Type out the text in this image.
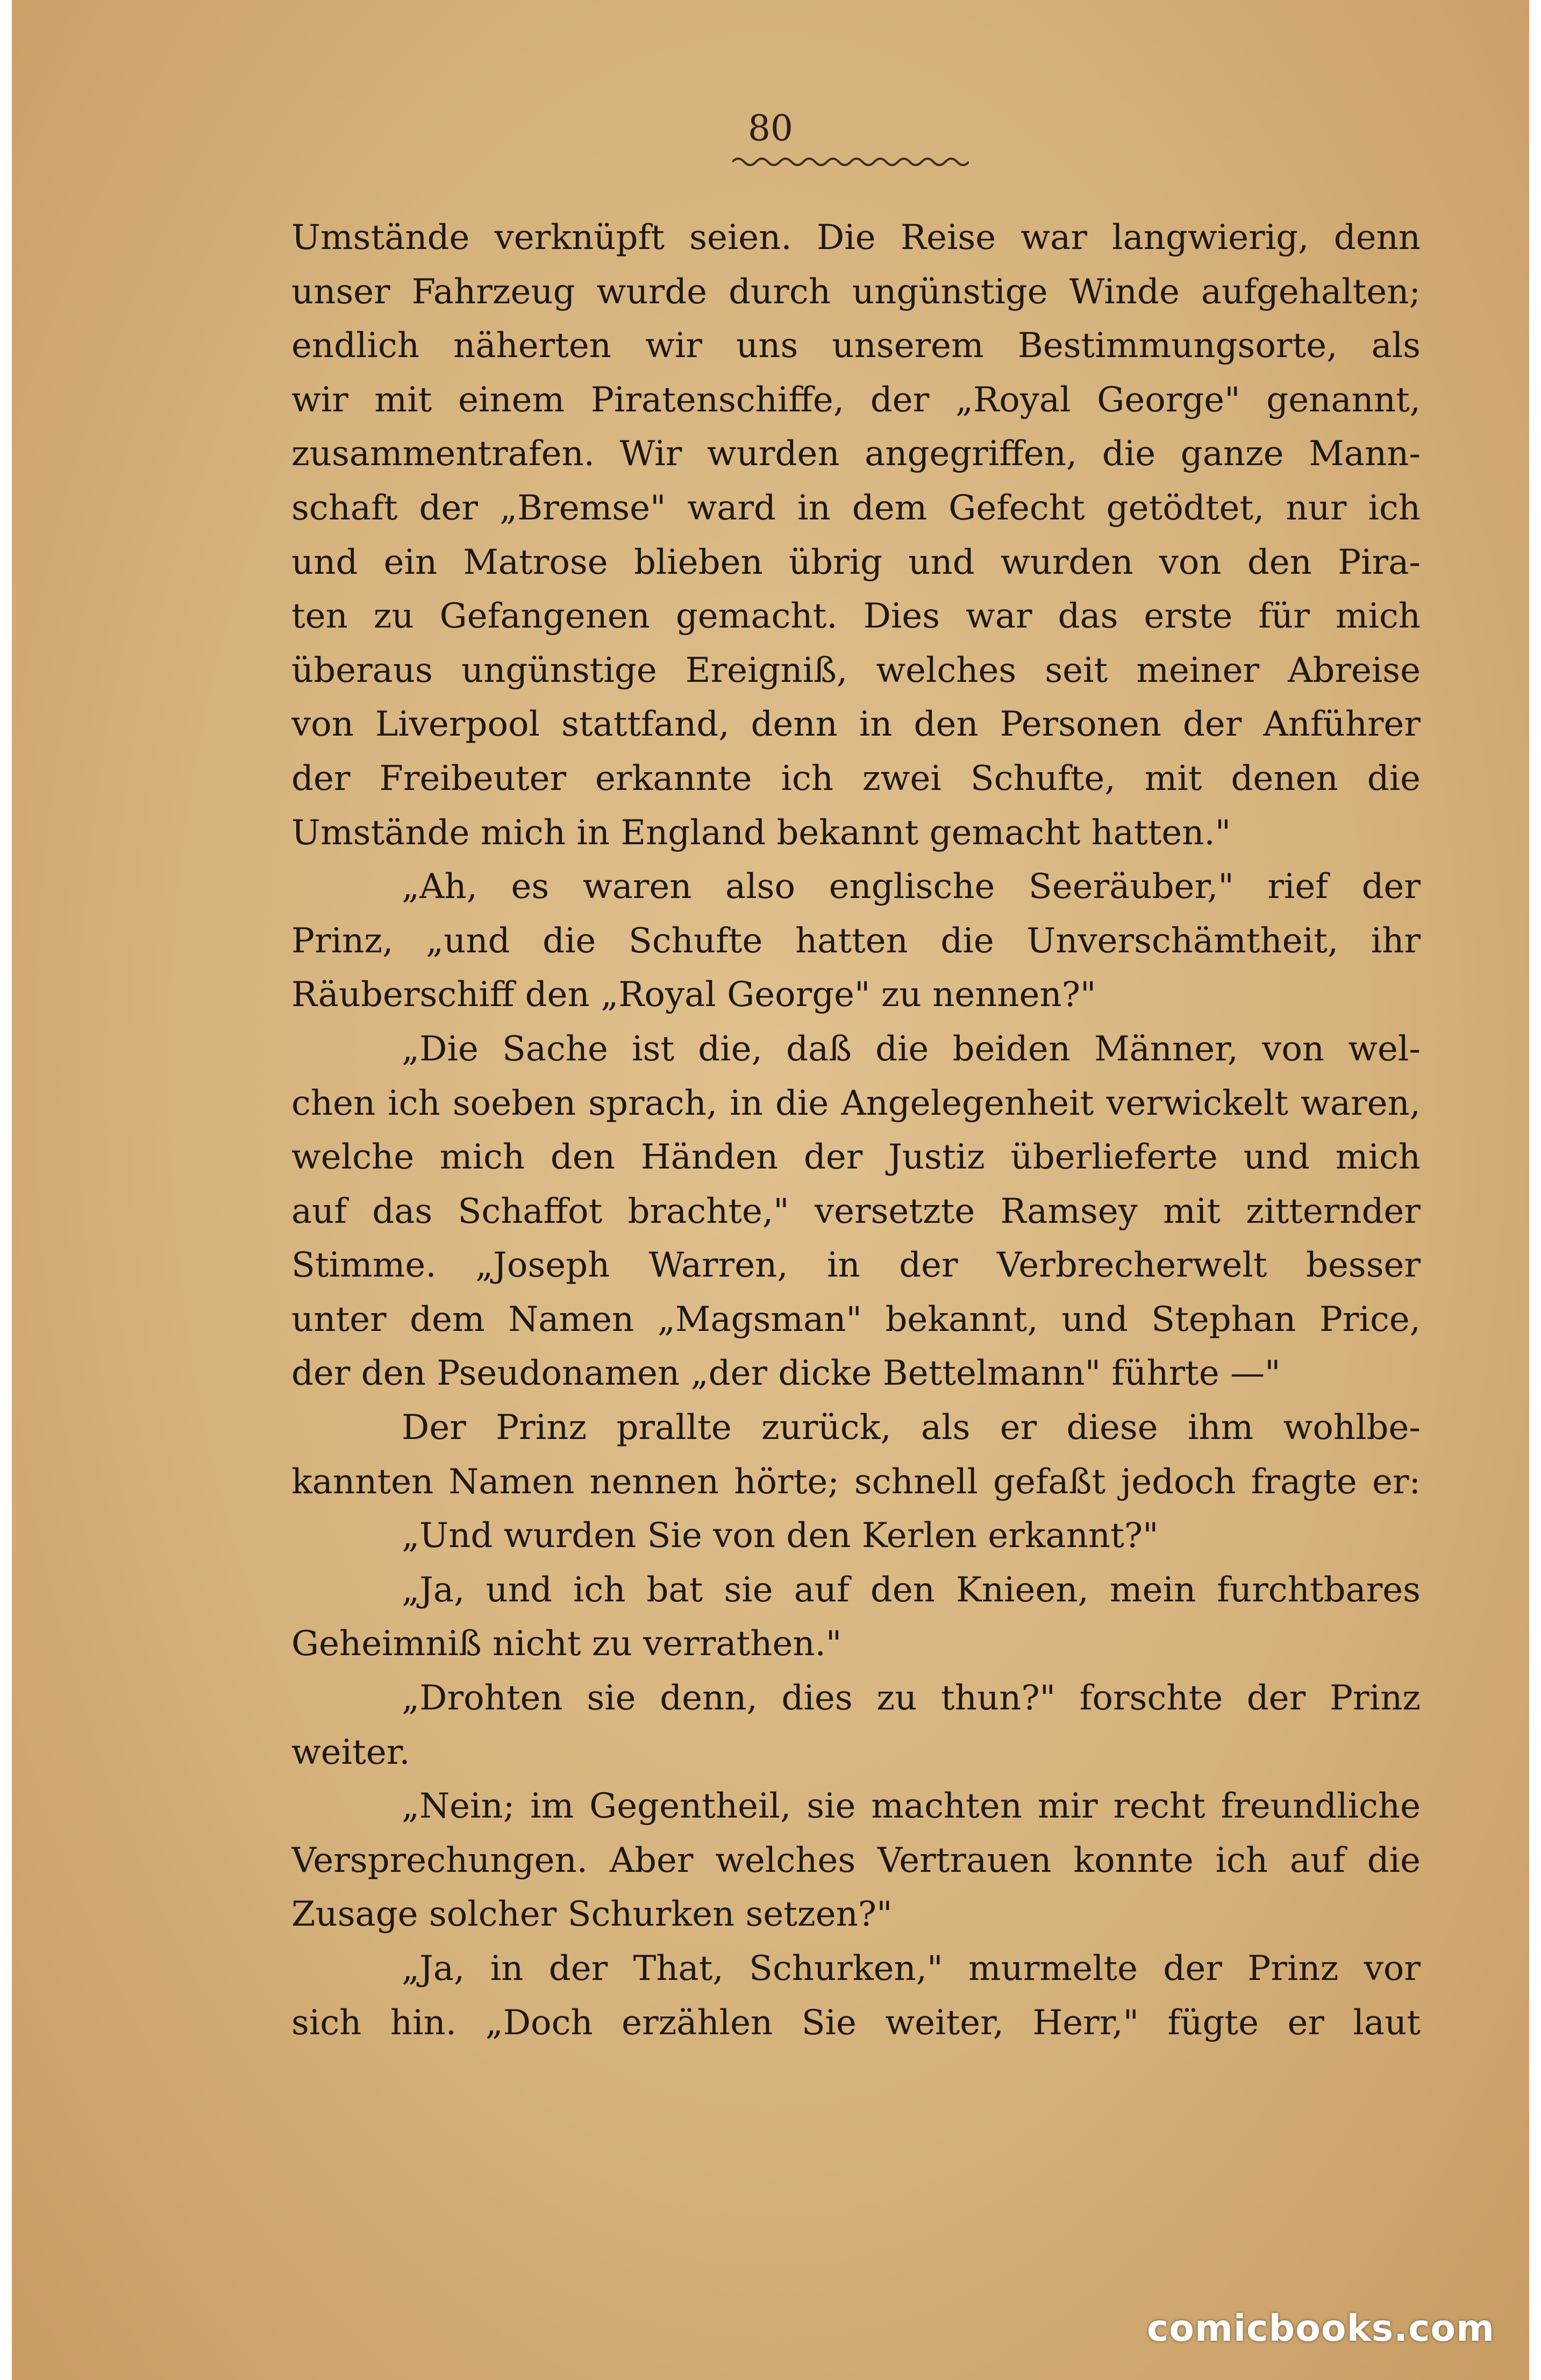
80
Umstände verknüpft seien. Die Reise war langwierig, denn
unser Fahrzeug wurde durch ungünstige Winde aufgehalten;
endlich näherten wir uns unserem Bestimmungsorte, als
wir mit einem Piratenschiffe, der „Royal George" genannt,
zusammentrafen. Wir wurden angegriffen, die ganze Mann-
schaft der „Bremse" ward in dem Gefecht getödtet, nur ich
und ein Matrose blieben übrig und wurden von den Pira-
ten zu Gefangenen gemacht. Dies war das erste für mich
überaus ungünstige Ereigniß, welches seit meiner Abreise
von Liverpool stattfand, denn in den Personen der Anführer
der Freibeuter erkannte ich zwei Schufte, mit denen die
Umstände mich in England bekannt gemacht hatten."
„Ah, es waren also englische Seeräuber," rief der
Prinz, „und die Schufte hatten die Unverschämtheit, ihr
Räuberschiff den „Royal George" zu nennen?"
„Die Sache ist die, daß die beiden Männer, von wel-
chen ich soeben sprach, in die Angelegenheit verwickelt waren,
welche mich den Händen der Justiz überlieferte und mich
auf das Schaffot brachte," versetzte Ramsey mit zitternder
Stimme. „Joseph Warren, in der Verbrecherwelt besser
unter dem Namen „Magsman" bekannt, und Stephan Price,
der den Pseudonamen „der dicke Bettelmann" führte —"
Der Prinz prallte zurück, als er diese ihm wohlbe-
kannten Namen nennen hörte; schnell gefaßt jedoch fragte er:
„Und wurden Sie von den Kerlen erkannt?"
„Ja, und ich bat sie auf den Knieen, mein furchtbares
Geheimniß nicht zu verrathen."
„Drohten sie denn, dies zu thun?" forschte der Prinz
weiter.
„Nein; im Gegentheil, sie machten mir recht freundliche
Versprechungen. Aber welches Vertrauen konnte ich auf die
Zusage solcher Schurken setzen?"
„Ja, in der That, Schurken," murmelte der Prinz vor
sich hin. „Doch erzählen Sie weiter, Herr," fügte er laut
comicbooks.com
